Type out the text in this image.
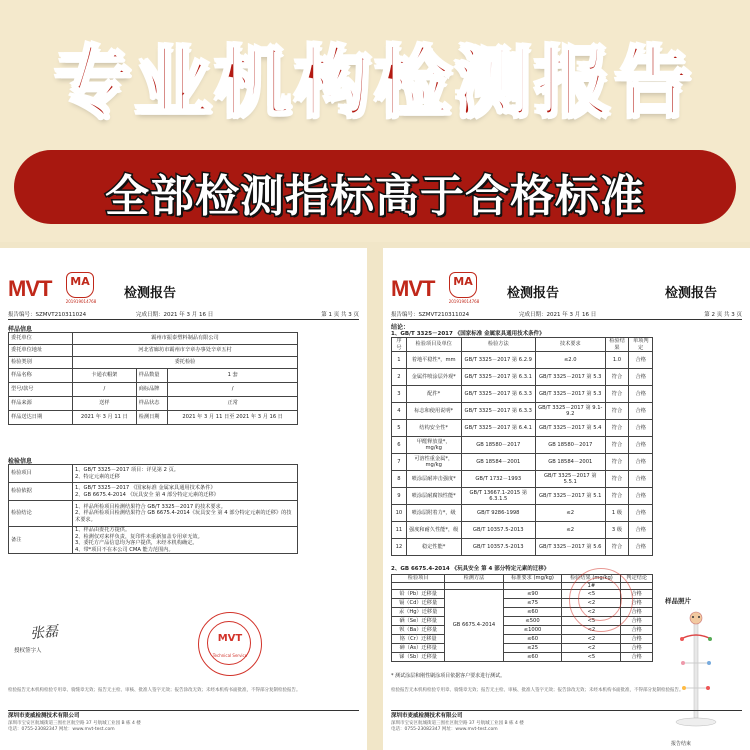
专业机构检测报告
全部检测指标高于合格标准
MVT	MA
201919014768
检测报告
报告编号：SZMVT210311024	完成日期：2021 年 3 月 16 日	第 1 页 共 3 页
样品信息
委托单位	霸州市振泰塑料制品有限公司		
委托单位地址	河北省廊坊市霸州市辛章办事处辛章五村		
检验类别	委托检验		
样品名称	卡通衣帽架	样品数量	1 套
型号/款号	/	商标品牌	/
样品来源	送样	样品状态	正常
样品送达日期	2021 年 3 月 11 日	检测日期	2021 年 3 月 11 日至 2021 年 3 月 16 日
检验信息
检验项目	1、GB/T 3325－2017 项目：详见第 2 页。
2、特定元素的迁移
检验依据	1、GB/T 3325－2017 《国家标准 金属家具通用技术条件》
2、GB 6675.4-2014 《玩具安全 第 4 部分特定元素的迁移》
检验结论	1、样品所检项目检测结果符合 GB/T 3325－2017 的技术要求。
2、样品所检项目检测结果符合 GB 6675.4-2014《玩具安全 第 4 部分特定元素的迁移》的技术要求。
备注	1、样品由委托方提供。
2、检测仅对来样负责，复印件未重新加盖专用章无效。
3、委托方产品信息均为客户提供，未经本机构确定。
4、带*项目不在本公司 CMA 能力范围内。
MVT
Technical Service
张磊
授权签字人
检验报告无本机构检验专用章、骑缝章无效；报告无主检、审核、批准人签字无效；报告涂改无效；未经本机构书面批准，不得部分复制检验报告。
深圳市麦威检测技术有限公司
深圳市宝安区航城街道三围社区航空路 37 号航城工业园 B 栋 4 楼
电话：0755-23082347 网址：www.mvt-test.com
MVT	MA
201919014768
检测报告	检测报告
报告编号：SZMVT210311024	完成日期：2021 年 3 月 16 日	第 2 页 共 3 页
结论：
1、GB/T 3325－2017 《国家标准 金属家具通用技术条件》
序号	检验项目及单位	检验方法	技术要求	检验结果	单项判定
1	着地平稳性*，mm	GB/T 3325－2017 第 6.2.9	≤2.0	1.0	合格
2	金属件喷涂层外观*	GB/T 3325－2017 第 6.3.1	GB/T 3325－2017 第 5.3	符合	合格
3	配件*	GB/T 3325－2017 第 6.3.3	GB/T 3325－2017 第 5.3	符合	合格
4	标志和使用说明*	GB/T 3325－2017 第 6.3.3	GB/T 3325－2017 第 9.1-9.2	符合	合格
5	结构安全性*	GB/T 3325－2017 第 6.4.1	GB/T 3325－2017 第 5.4	符合	合格
6	甲醛释放量*，mg/kg	GB 18580－2017	GB 18580－2017	符合	合格
7	可溶性重金属*，mg/kg	GB 18584－2001	GB 18584－2001	符合	合格
8	喷涂层耐冲击强度*	GB/T 1732－1993	GB/T 3325－2017 第 5.5.1	符合	合格
9	喷涂层耐腐蚀性能*	GB/T 13667.1-2015 第 6.3.1.5	GB/T 3325－2017 第 5.1	符合	合格
10	喷涂层附着力*，级	GB/T 9286-1998	≤2	1 级	合格
11	强度和耐久性能*，级	GB/T 10357.5-2013	≤2	3 级	合格
12	稳定性能*	GB/T 10357.5-2013	GB/T 3325－2017 第 5.6	符合	合格
2、GB 6675.4-2014 《玩具安全 第 4 部分特定元素的迁移》
检验项目	检测方法	标准要求 (mg/kg)	检验结果 (mg/kg)	判定结论
			1#	
铅（Pb）迁移量	GB 6675.4-2014	≤90	<5	合格
镉（Cd）迁移量		≤75	<2	合格
汞（Hg）迁移量		≤60	<2	合格
硒（Se）迁移量		≤500	<5	合格
钡（Ba）迁移量		≤1000	<2	合格
铬（Cr）迁移量		≤60	<2	合格
砷（As）迁移量		≤25	<2	合格
锑（Sb）迁移量		≤60	<5	合格
* 测试涂层和刚性刷涂项目依据客户要求进行测试。
样品照片
报告结束
检验报告无本机构检验专用章、骑缝章无效；报告无主检、审核、批准人签字无效；报告涂改无效；未经本机构书面批准，不得部分复制检验报告。
深圳市麦威检测技术有限公司
深圳市宝安区航城街道三围社区航空路 37 号航城工业园 B 栋 4 楼
电话：0755-23082347 网址：www.mvt-test.com
